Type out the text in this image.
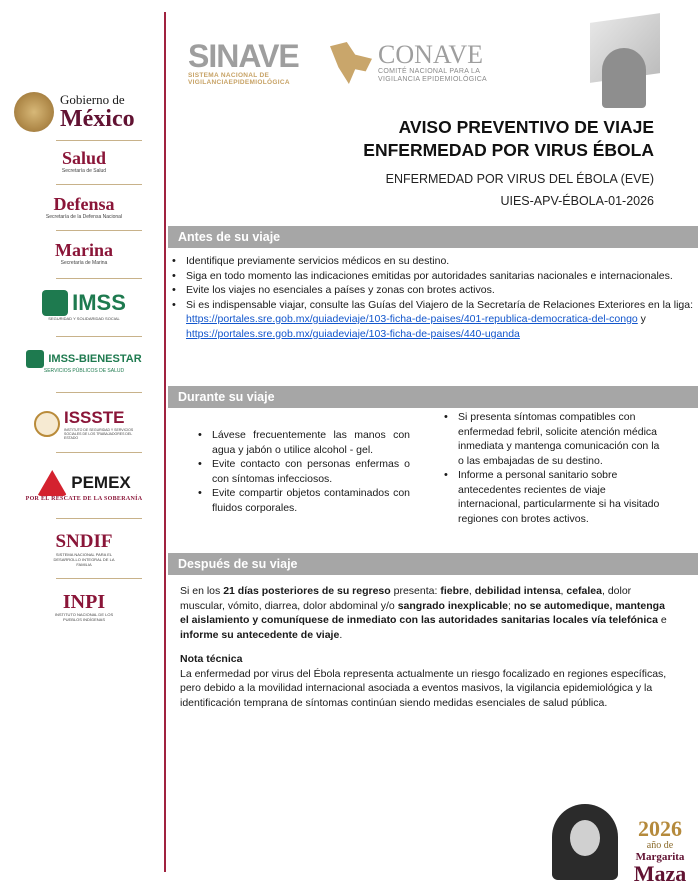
Gobierno de
México
Salud
Secretaría de Salud
Defensa
Secretaría de la Defensa Nacional
Marina
Secretaría de Marina
IMSS
SEGURIDAD Y SOLIDARIDAD SOCIAL
IMSS-BIENESTAR
SERVICIOS PÚBLICOS DE SALUD
ISSSTE
INSTITUTO DE SEGURIDAD Y SERVICIOS SOCIALES DE LOS TRABAJADORES DEL ESTADO
PEMEX
POR EL RESCATE DE LA SOBERANÍA
SNDIF
SISTEMA NACIONAL PARA EL DESARROLLO INTEGRAL DE LA FAMILIA
INPI
INSTITUTO NACIONAL DE LOS PUEBLOS INDÍGENAS
SINAVE
SISTEMA NACIONAL DE VIGILANCIAEPIDEMIOLÓGICA
CONAVE
COMITÉ NACIONAL PARA LA VIGILANCIA EPIDEMIOLÓGICA
AVISO PREVENTIVO DE VIAJE
ENFERMEDAD POR VIRUS ÉBOLA
ENFERMEDAD POR VIRUS DEL ÉBOLA (EVE)
UIES-APV-ÉBOLA-01-2026
Antes de su viaje
• Identifique previamente servicios médicos en su destino.
• Siga en todo momento las indicaciones emitidas por autoridades sanitarias nacionales e internacionales.
• Evite los viajes no esenciales a países y zonas con brotes activos.
• Si es indispensable viajar, consulte las Guías del Viajero de la Secretaría de Relaciones Exteriores en la liga: https://portales.sre.gob.mx/guiadeviaje/103-ficha-de-paises/401-republica-democratica-del-congo y https://portales.sre.gob.mx/guiadeviaje/103-ficha-de-paises/440-uganda
Durante su viaje
• Lávese frecuentemente las manos con agua y jabón o utilice alcohol - gel.
• Evite contacto con personas enfermas o con síntomas infecciosos.
• Evite compartir objetos contaminados con fluidos corporales.
• Si presenta síntomas compatibles con enfermedad febril, solicite atención médica inmediata y mantenga comunicación con la o las embajadas de su destino.
• Informe a personal sanitario sobre antecedentes recientes de viaje internacional, particularmente si ha visitado regiones con brotes activos.
Después de su viaje

Si en los 21 días posteriores de su regreso presenta: fiebre, debilidad intensa, cefalea, dolor muscular, vómito, diarrea, dolor abdominal y/o sangrado inexplicable; no se automedique, mantenga el aislamiento y comuníquese de inmediato con las autoridades sanitarias locales vía telefónica e informe su antecedente de viaje.

Nota técnica

La enfermedad por virus del Ébola representa actualmente un riesgo focalizado en regiones específicas, pero debido a la movilidad internacional asociada a eventos masivos, la vigilancia epidemiológica y la identificación temprana de síntomas continúan siendo medidas esenciales de salud pública.

2026
año de
Margarita
Maza
